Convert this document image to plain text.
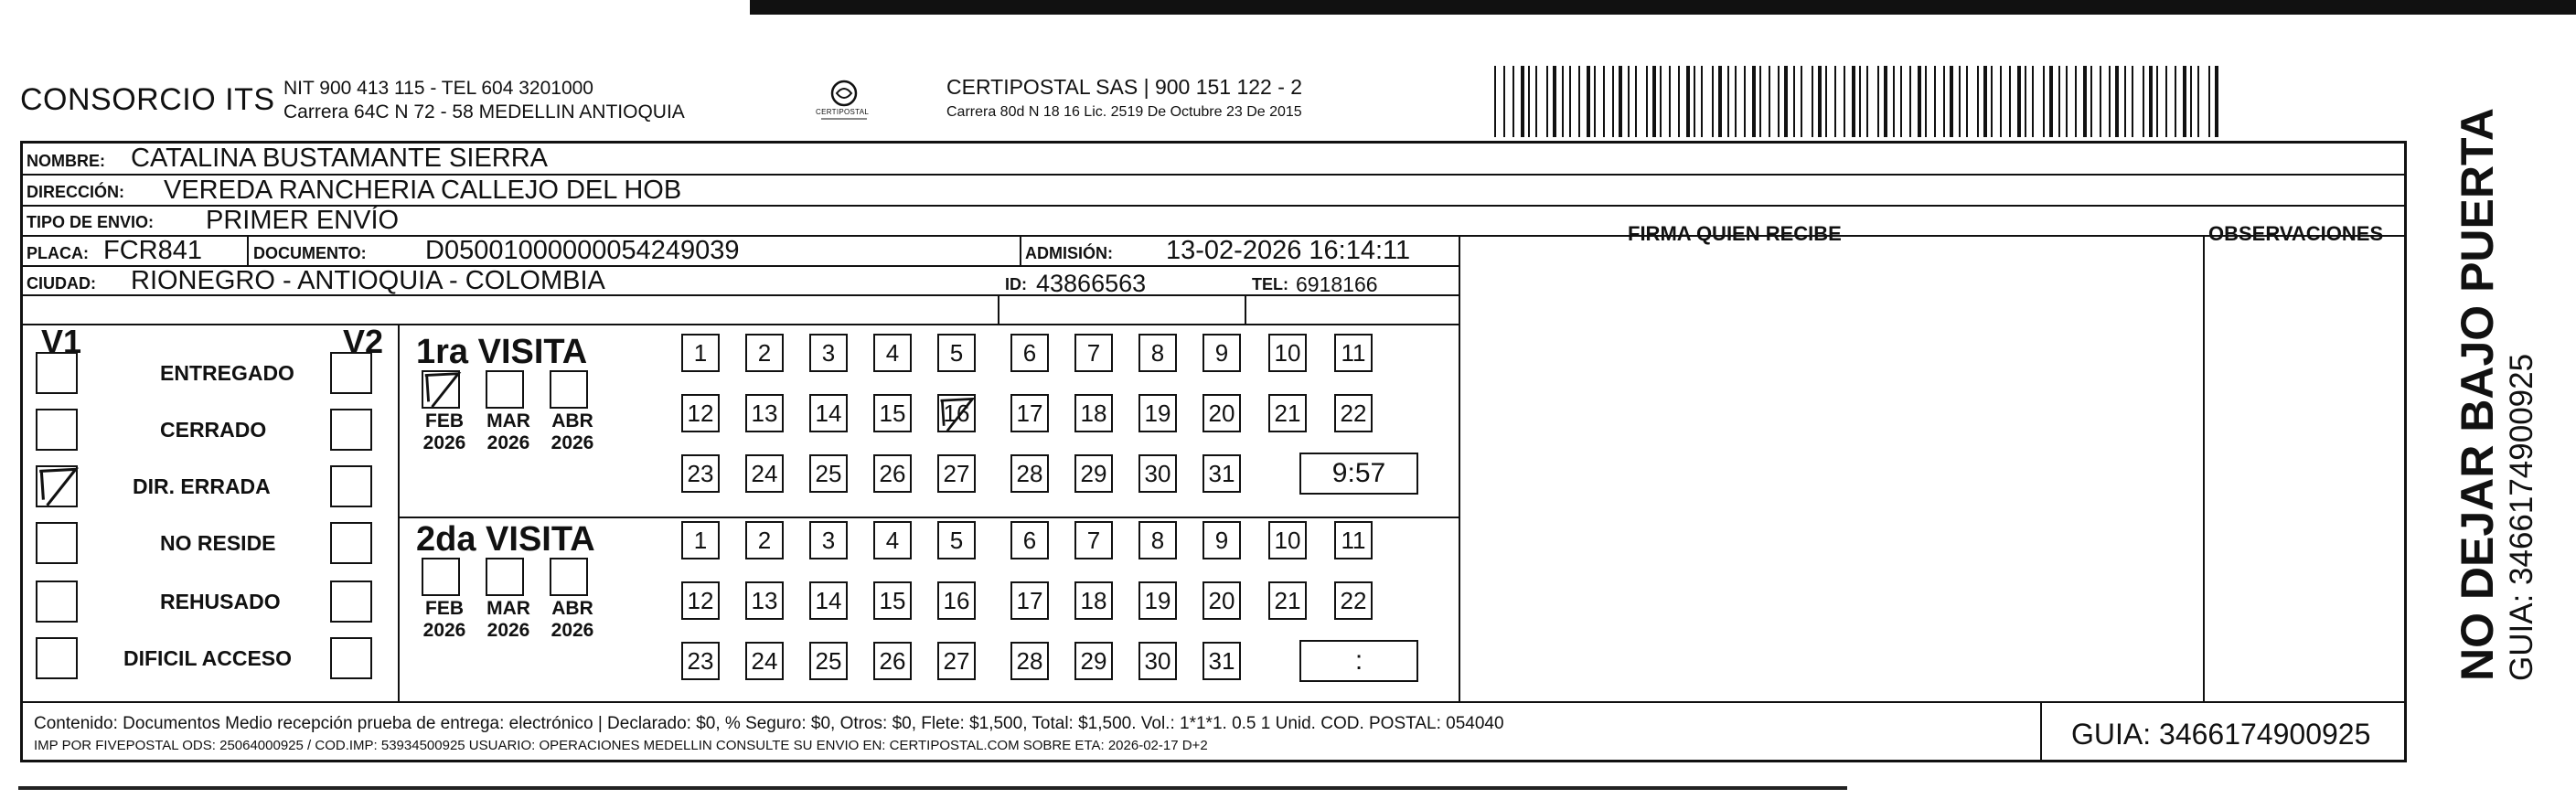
CONSORCIO ITS NIT 900 413 115 - TEL 604 3201000
Carrera 64C N 72 - 58 MEDELLIN ANTIOQUIA	CERTIPOSTAL
CERTIPOSTAL SAS | 900 151 122 - 2
Carrera 80d N 18 16 Lic. 2519 De Octubre 23 De 2015
NOMBRE: CATALINA BUSTAMANTE SIERRA
DIRECCIÓN: VEREDA RANCHERIA CALLEJO DEL HOB
TIPO DE ENVIO: PRIMER ENVÍO	FIRMA QUIEN RECIBE	OBSERVACIONES
PLACA: FCR841	DOCUMENTO: D05001000000054249039	ADMISIÓN: 13-02-2026 16:14:11
CIUDAD: RIONEGRO - ANTIOQUIA - COLOMBIA	ID: 43866563	TEL: 6918166
V1	V2
ENTREGADO
CERRADO
DIR. ERRADA
NO RESIDE
REHUSADO
DIFICIL ACCESO
1ra VISITA
2da VISITA
1	2	3	4	5	6	7	8	9	10 11
12 13 14 15 16 17 18 19 20 21 22
23 24 25 26 27 28 29 30 31	9:57
FEB
2026
MAR
2026
ABR
2026
1	2	3	4	5	6	7	8	9	10 11
12 13 14 15 16 17 18 19 20 21 22
23 24 25 26 27 28 29 30 31	:
FEB
2026
MAR
2026
ABR
2026
Contenido: Documentos Medio recepción prueba de entrega: electrónico | Declarado: $0, % Seguro: $0, Otros: $0, Flete: $1,500, Total: $1,500. Vol.: 1*1*1. 0.5 1 Unid. COD. POSTAL: 054040
IMP POR FIVEPOSTAL ODS: 25064000925 / COD.IMP: 53934500925 USUARIO: OPERACIONES MEDELLIN CONSULTE SU ENVIO EN: CERTIPOSTAL.COM SOBRE ETA: 2026-02-17 D+2	GUIA: 3466174900925
NO DEJAR BAJO PUERTA GUIA: 3466174900925
